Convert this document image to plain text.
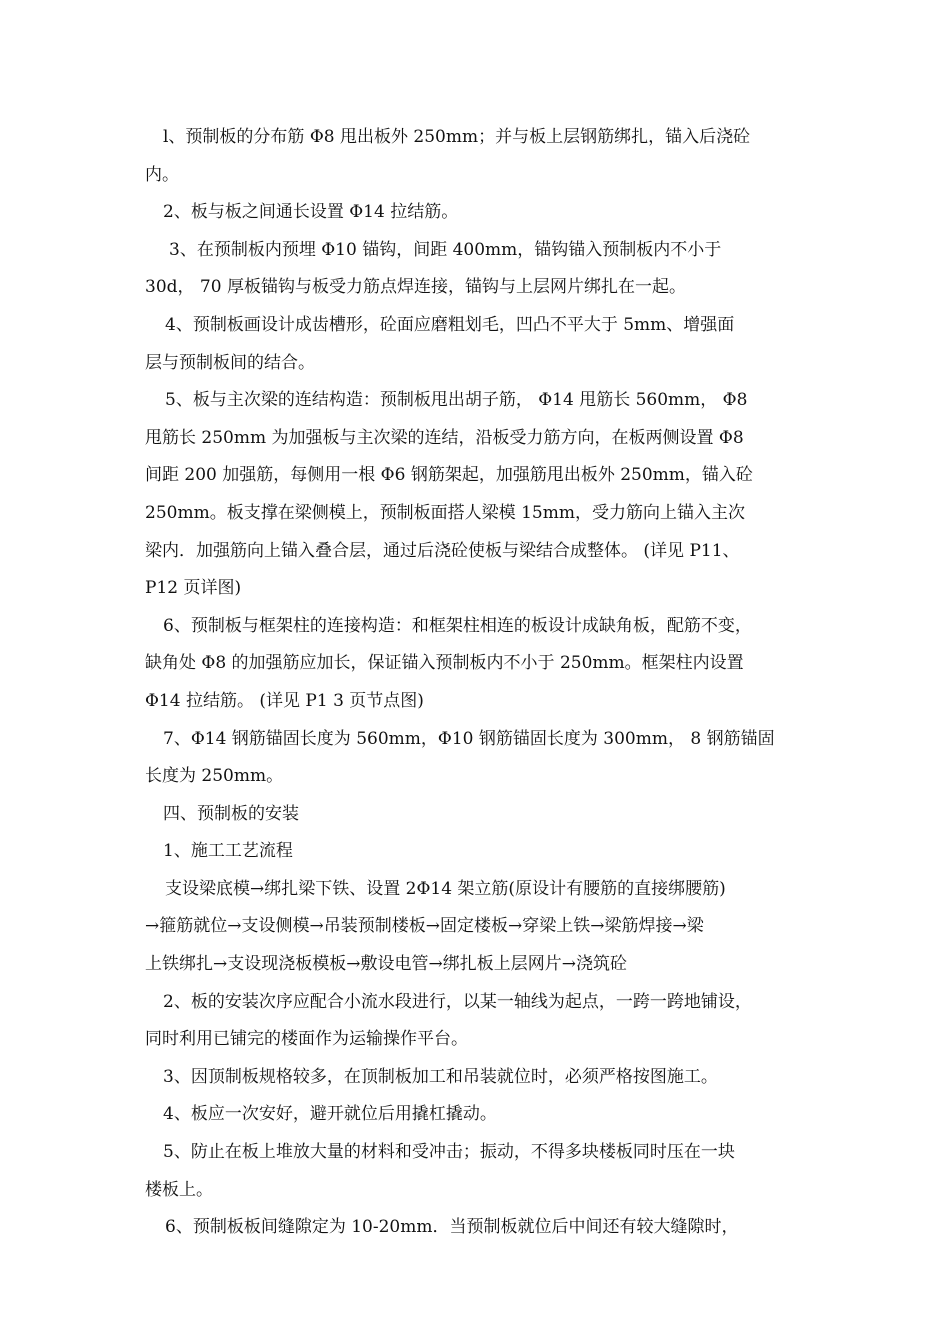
l、预制板的分布筋 Φ8 甩出板外 250mm；并与板上层钢筋绑扎，锚入后浇砼
内。
2、板与板之间通长设置 Φ14 拉结筋。
3、在预制板内预埋 Φ10 锚钩，间距 400mm，锚钩锚入预制板内不小于
30d， 70 厚板锚钩与板受力筋点焊连接，锚钩与上层网片绑扎在一起。
4、预制板画设计成齿槽形，砼面应磨粗划毛，凹凸不平大于 5mm、增强面
层与预制板间的结合。
5、板与主次梁的连结构造：预制板甩出胡子筋， Φ14 甩筋长 560mm， Φ8
甩筋长 250mm 为加强板与主次梁的连结，沿板受力筋方向，在板两侧设置 Φ8
间距 200 加强筋，每侧用一根 Φ6 钢筋架起，加强筋甩出板外 250mm，锚入砼
250mm。板支撑在梁侧模上，预制板面搭人梁模 15mm，受力筋向上锚入主次
梁内．加强筋向上锚入叠合层，通过后浇砼使板与梁结合成整体。 (详见 P11、
P12 页详图)
6、预制板与框架柱的连接构造：和框架柱相连的板设计成缺角板，配筋不变，
缺角处 Φ8 的加强筋应加长，保证锚入预制板内不小于 250mm。框架柱内设置
Φ14 拉结筋。 (详见 P1 3 页节点图)
7、Φ14 钢筋锚固长度为 560mm，Φ10 钢筋锚固长度为 300mm， 8 钢筋锚固
长度为 250mm。
四、预制板的安装
1、施工工艺流程
支设梁底模→绑扎梁下铁、设置 2Φ14 架立筋(原设计有腰筋的直接绑腰筋)
→箍筋就位→支设侧模→吊装预制楼板→固定楼板→穿梁上铁→梁筋焊接→梁
上铁绑扎→支设现浇板模板→敷设电管→绑扎板上层网片→浇筑砼
2、板的安装次序应配合小流水段进行，以某一轴线为起点，一跨一跨地铺设，
同时利用已铺完的楼面作为运输操作平台。
3、因顶制板规格较多，在顶制板加工和吊装就位时，必须严格按图施工。
4、板应一次安好，避开就位后用撬杠撬动。
5、防止在板上堆放大量的材料和受冲击；振动，不得多块楼板同时压在一块
楼板上。
6、预制板板间缝隙定为 10-20mm．当预制板就位后中间还有较大缝隙时，
